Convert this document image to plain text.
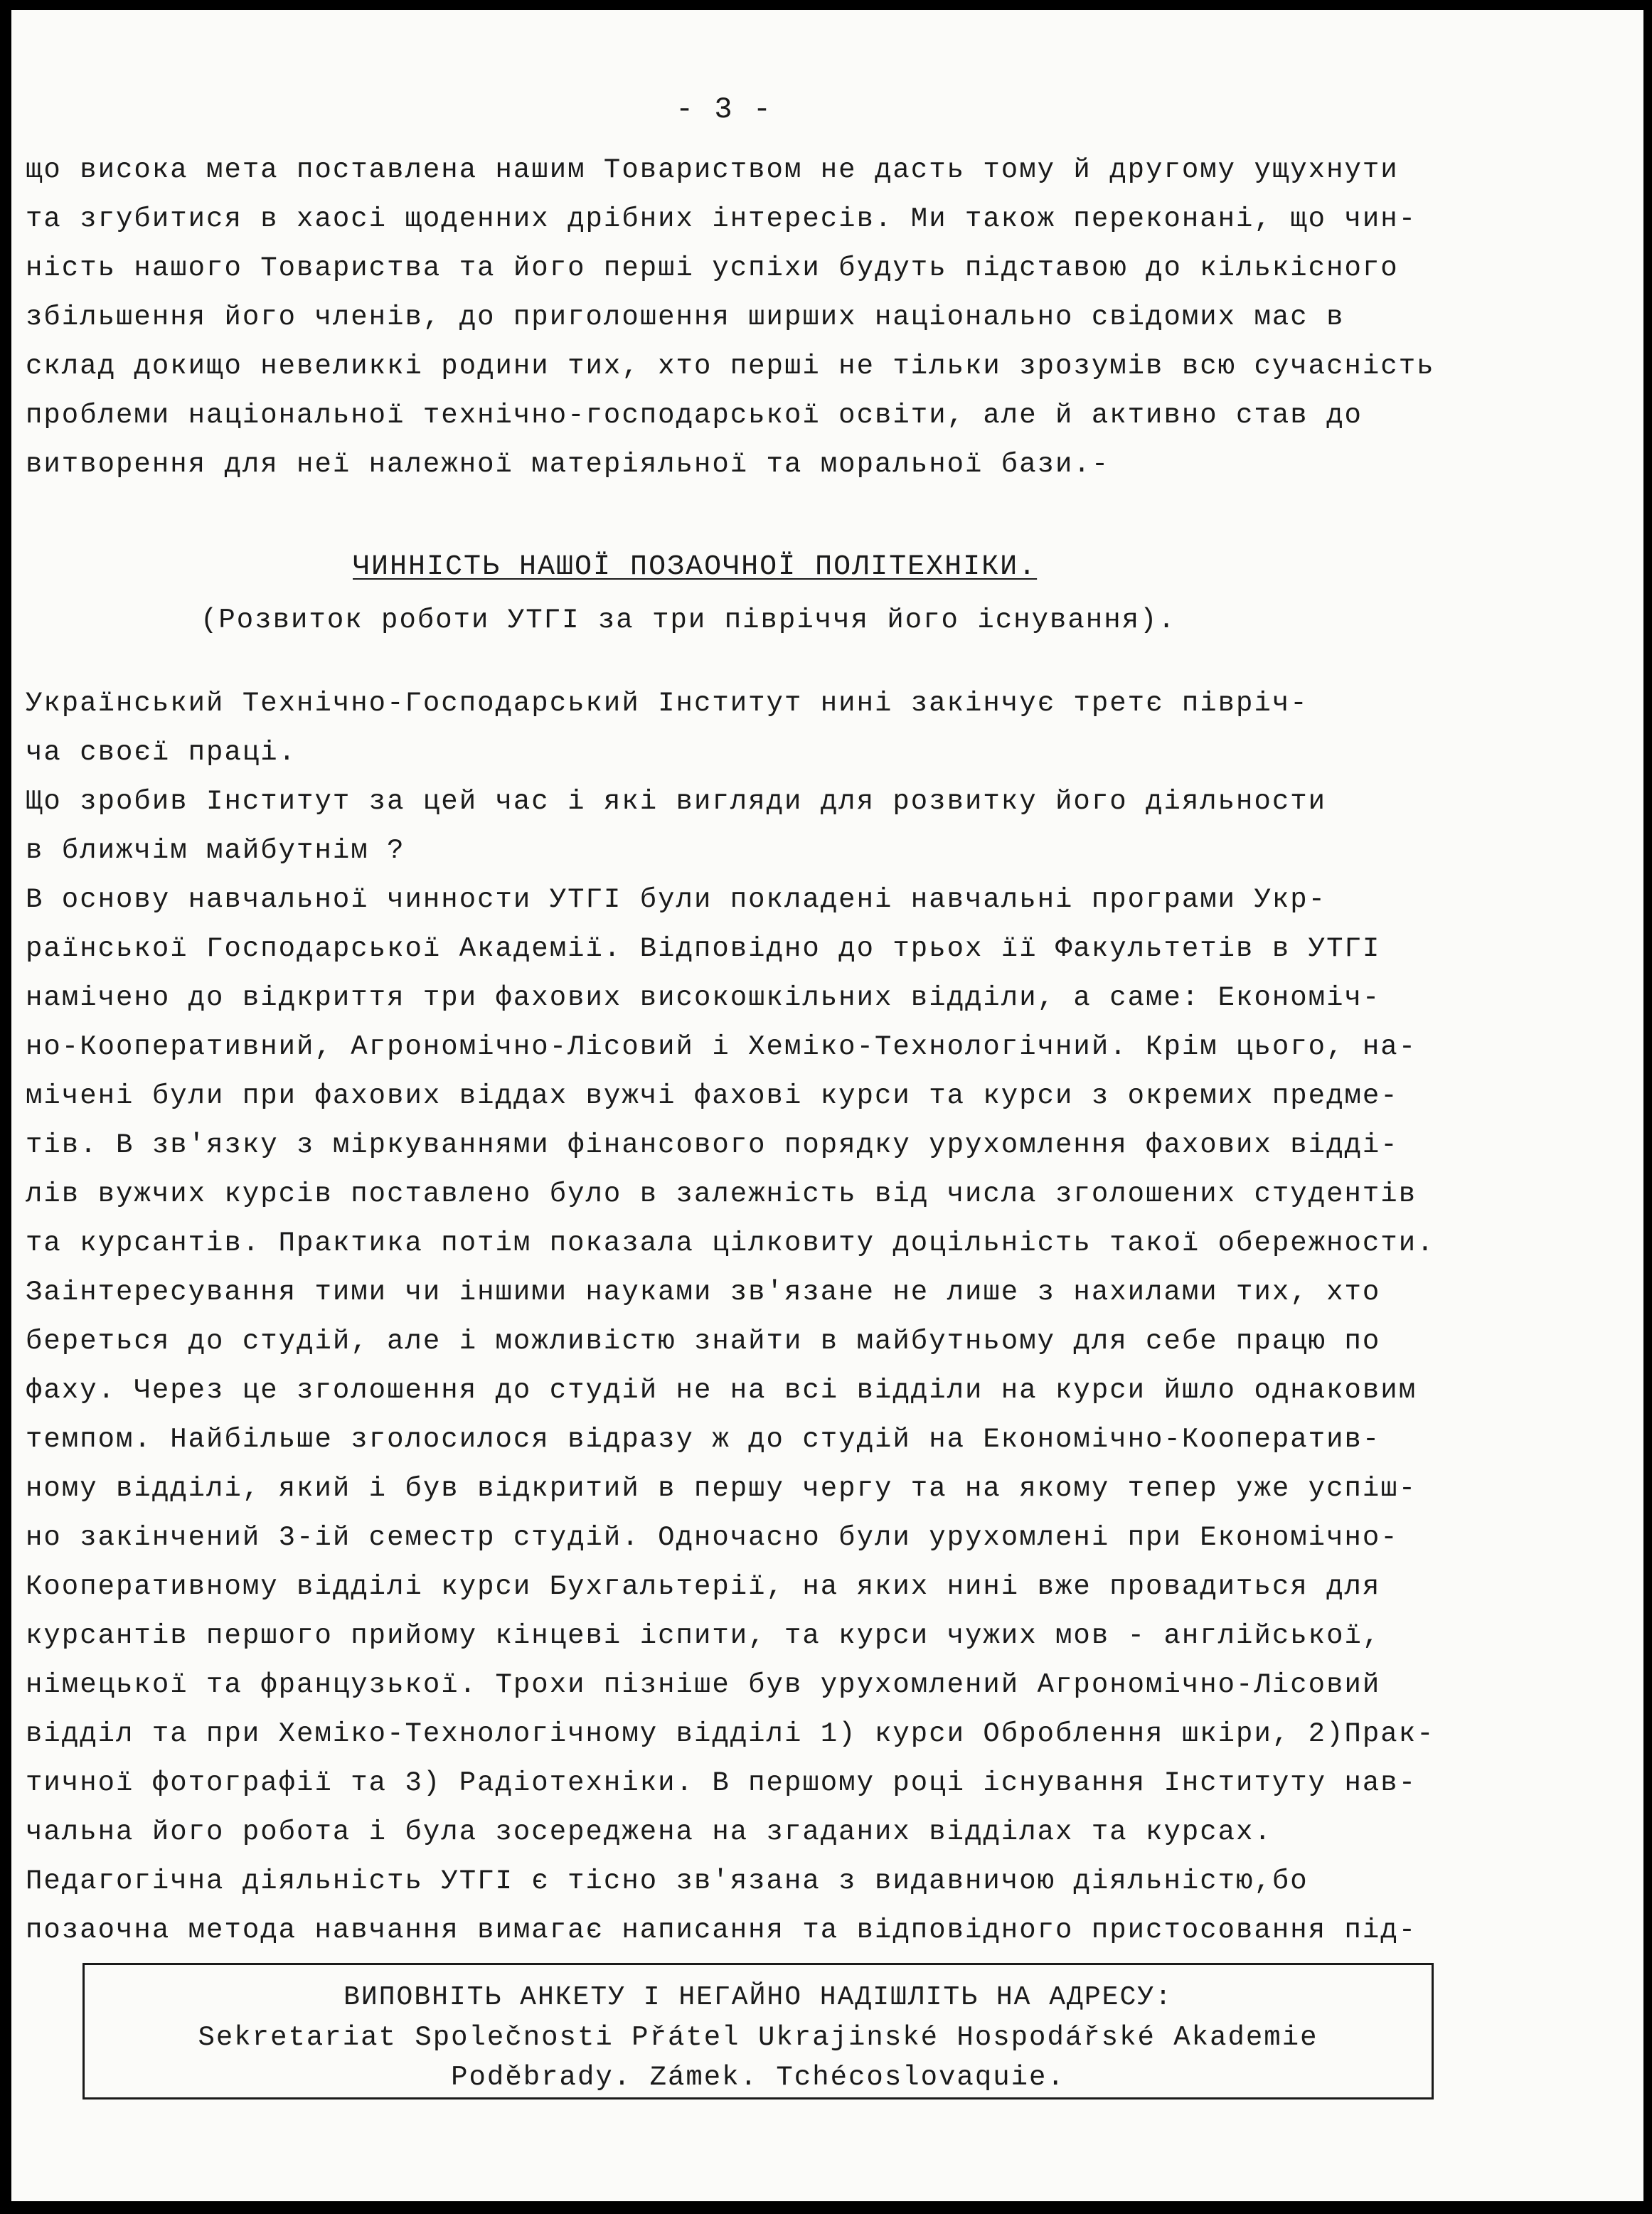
- 3 -
що висока мета поставлена нашим Товариством не дасть тому й другому ущухнути
та згубитися в хаосі щоденних дрібних інтересів. Ми також переконані, що чин-
ність нашого Товариства та його перші успіхи будуть підставою до кількісного
збільшення його членів, до приголошення ширших національно свідомих мас в
склад докищо невеликкі родини тих, хто перші не тільки зрозумів всю сучасність
проблеми національної технічно-господарської освіти, але й активно став до
витворення для неї належної матеріяльної та моральної бази.-
ЧИННІСТЬ НАШОЇ ПОЗАОЧНОЇ ПОЛІТЕХНІКИ.
(Розвиток роботи УТГІ за три півріччя його існування).
Український Технічно-Господарський Інститут нині закінчує третє півріч-
ча своєї праці.
Що зробив Інститут за цей час і які вигляди для розвитку його діяльности
в ближчім майбутнім ?
В основу навчальної чинности УТГІ були покладені навчальні програми Укр-
раїнської Господарської Академії. Відповідно до трьох її Факультетів в УТГІ
намічено до відкриття три фахових високошкільних відділи, а саме: Економіч-
но-Кооперативний, Агрономічно-Лісовий і Хеміко-Технологічний. Крім цього, на-
мічені були при фахових віддах вужчі фахові курси та курси з окремих предме-
тів. В зв'язку з міркуваннями фінансового порядку урухомлення фахових відді-
лів вужчих курсів поставлено було в залежність від числа зголошених студентів
та курсантів. Практика потім показала цілковиту доцільність такої обережности.
Заінтересування тими чи іншими науками зв'язане не лише з нахилами тих, хто
береться до студій, але і можливістю знайти в майбутньому для себе працю по
фаху. Через це зголошення до студій не на всі відділи на курси йшло однаковим
темпом. Найбільше зголосилося відразу ж до студій на Економічно-Кооператив-
ному відділі, який і був відкритий в першу чергу та на якому тепер уже успіш-
но закінчений 3-ій семестр студій. Одночасно були урухомлені при Економічно-
Кооперативному відділі курси Бухгальтерії, на яких нині вже провадиться для
курсантів першого прийому кінцеві іспити, та курси чужих мов - англійської,
німецької та французької. Трохи пізніше був урухомлений Агрономічно-Лісовий
відділ та при Хеміко-Технологічному відділі 1) курси Оброблення шкіри, 2)Прак-
тичної фотографії та 3) Радіотехніки. В першому році існування Інституту нав-
чальна його робота і була зосереджена на згаданих відділах та курсах.
Педагогічна діяльність УТГІ є тісно зв'язана з видавничою діяльністю,бо
позаочна метода навчання вимагає написання та відповідного пристосовання під-
ВИПОВНІТЬ АНКЕТУ І НЕГАЙНО НАДІШЛІТЬ НА АДРЕСУ:
Sekretariat Společnosti Přátel Ukrajinské Hospodářské Akademie
Poděbrady. Zámek. Tchécoslovaquie.
